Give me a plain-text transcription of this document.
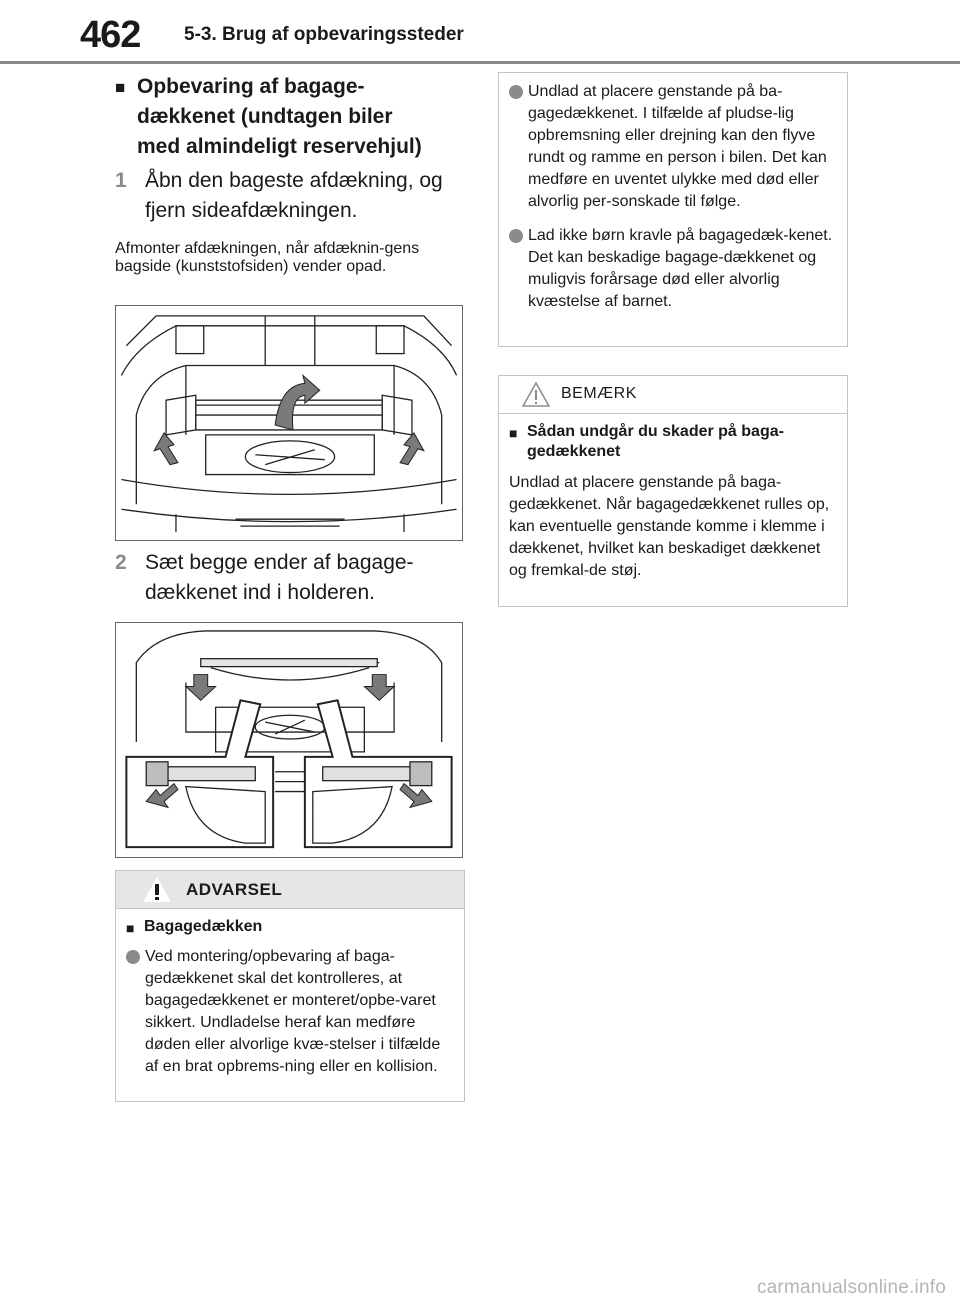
462 5-3. Brug af opbevaringssteder
■ Opbevaring af bagage-dækkenet (undtagen biler med almindeligt reservehjul)
1 Åbn den bageste afdækning, og fjern sideafdækningen.
Afmonter afdækningen, når afdæknin-gens bagside (kunststofsiden) vender opad.
2 Sæt begge ender af bagage-dækkenet ind i holderen.
ADVARSEL
■ Bagagedækken
Ved montering/opbevaring af baga-gedækkenet skal det kontrolleres, at bagagedækkenet er monteret/opbe-varet sikkert. Undladelse heraf kan medføre døden eller alvorlige kvæ-stelser i tilfælde af en brat opbrems-ning eller en kollision.
Undlad at placere genstande på ba-gagedækkenet. I tilfælde af pludse-lig opbremsning eller drejning kan den flyve rundt og ramme en person i bilen. Det kan medføre en uventet ulykke med død eller alvorlig per-sonskade til følge.
Lad ikke børn kravle på bagagedæk-kenet. Det kan beskadige bagage-dækkenet og muligvis forårsage død eller alvorlig kvæstelse af barnet.
BEMÆRK
■ Sådan undgår du skader på baga-gedækkenet
Undlad at placere genstande på baga-gedækkenet. Når bagagedækkenet rulles op, kan eventuelle genstande komme i klemme i dækkenet, hvilket kan beskadiget dækkenet og fremkal-de støj.
carmanualsonline.info
